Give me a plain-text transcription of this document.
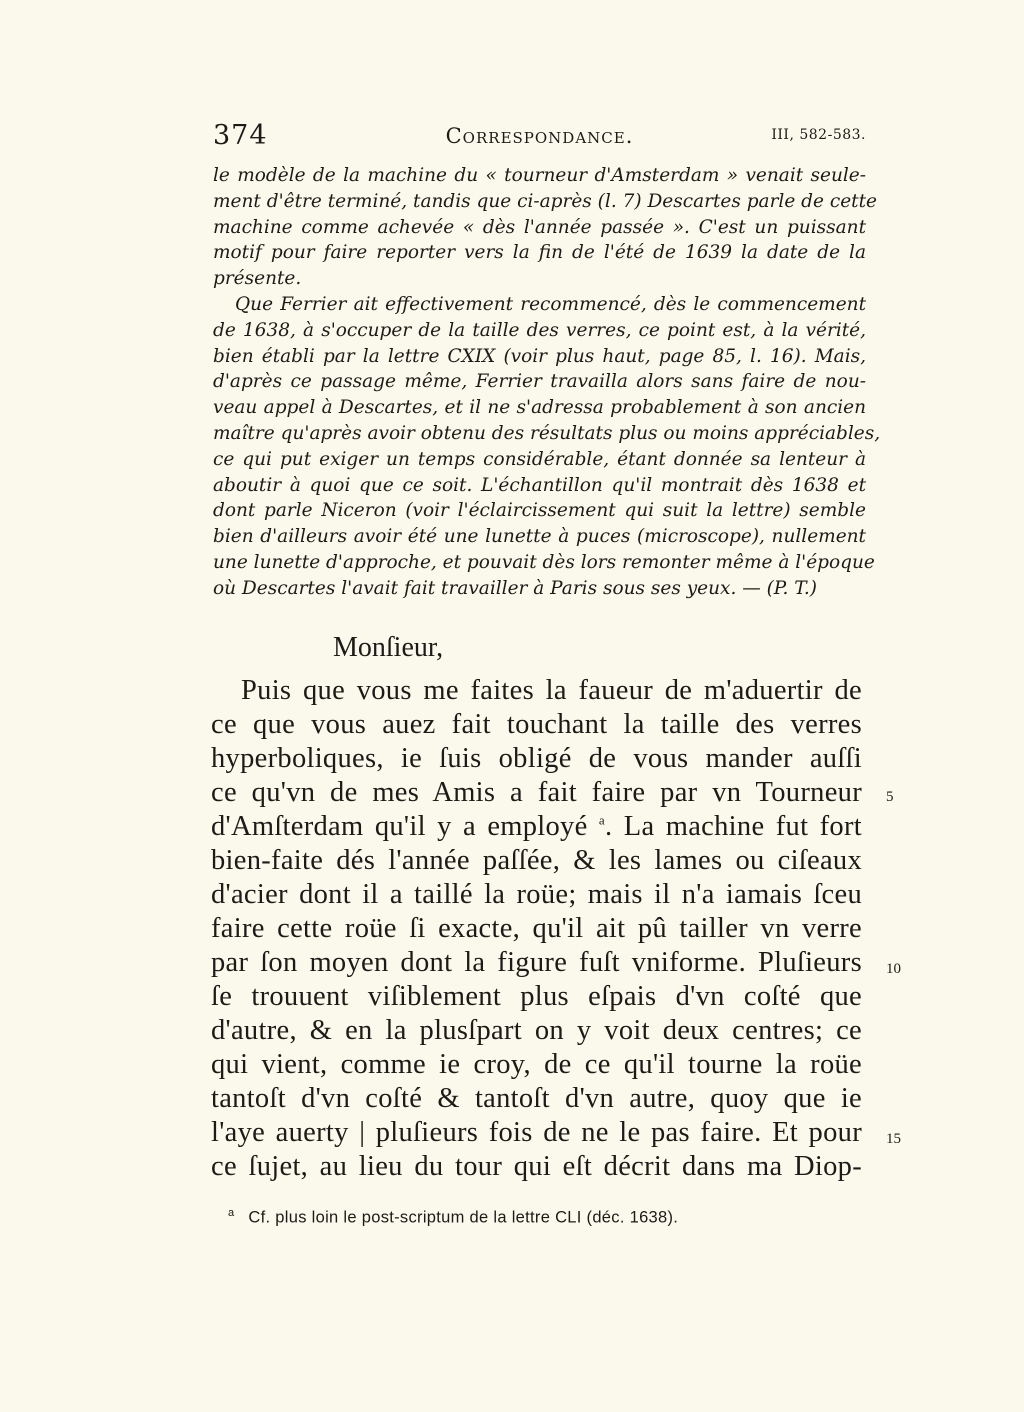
374	Correspondance.	III, 582-583.

le modèle de la machine du « tourneur d'Amsterdam » venait seule-
ment d'être terminé, tandis que ci-après (l. 7) Descartes parle de cette
machine comme achevée « dès l'année passée ». C'est un puissant
motif pour faire reporter vers la fin de l'été de 1639 la date de la
présente.

Que Ferrier ait effectivement recommencé, dès le commencement
de 1638, à s'occuper de la taille des verres, ce point est, à la vérité,
bien établi par la lettre CXIX (voir plus haut, page 85, l. 16). Mais,
d'après ce passage même, Ferrier travailla alors sans faire de nou-
veau appel à Descartes, et il ne s'adressa probablement à son ancien
maître qu'après avoir obtenu des résultats plus ou moins appréciables,
ce qui put exiger un temps considérable, étant donnée sa lenteur à
aboutir à quoi que ce soit. L'échantillon qu'il montrait dès 1638 et
dont parle Niceron (voir l'éclaircissement qui suit la lettre) semble
bien d'ailleurs avoir été une lunette à puces (microscope), nullement
une lunette d'approche, et pouvait dès lors remonter même à l'époque
où Descartes l'avait fait travailler à Paris sous ses yeux. — (P. T.)

Monſieur,
Puis que vous me faites la faueur de m'aduertir de
ce que vous auez fait touchant la taille des verres
hyperboliques, ie ſuis obligé de vous mander auſſi
ce qu'vn de mes Amis a fait faire par vn Tourneur
d'Amſterdam qu'il y a employé $^a$. La machine fut fort
bien-faite dés l'année paſſée, & les lames ou ciſeaux
d'acier dont il a taillé la roüe; mais il n'a iamais ſceu
faire cette roüe ſi exacte, qu'il ait pû tailler vn verre
par ſon moyen dont la figure fuſt vniforme. Pluſieurs
ſe trouuent viſiblement plus eſpais d'vn coſté que
d'autre, & en la plusſpart on y voit deux centres; ce
qui vient, comme ie croy, de ce qu'il tourne la roüe
tantoſt d'vn coſté & tantoſt d'vn autre, quoy que ie
l'aye auerty | pluſieurs fois de ne le pas faire. Et pour
ce ſujet, au lieu du tour qui eſt décrit dans ma Diop-
5
10
15
$^a$ Cf. plus loin le post-scriptum de la lettre CLI (déc. 1638).
